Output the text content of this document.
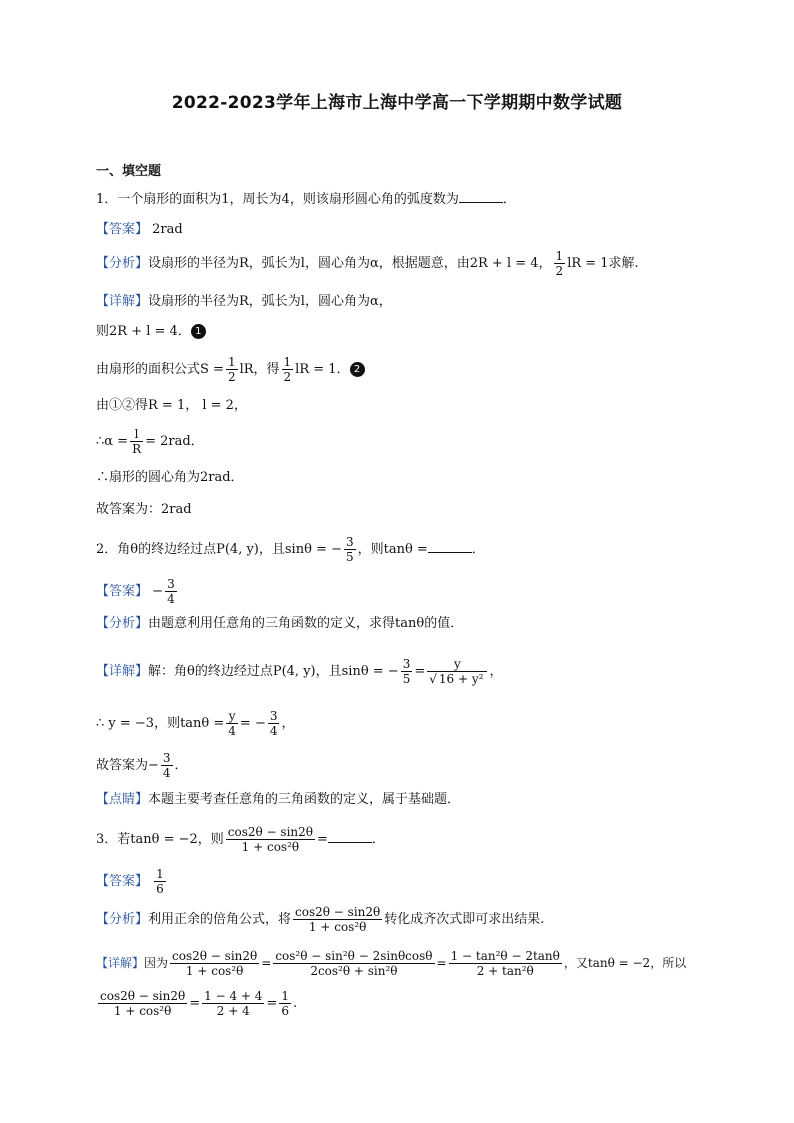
2022-2023学年上海市上海中学高一下学期期中数学试题
一、填空题
1．一个扇形的面积为1，周长为4，则该扇形圆心角的弧度数为	．
【答案】 2rad
【分析】设扇形的半径为R，弧长为l，圆心角为α，根据题意，由2R + l = 4， $\frac{1}{2}$ lR = 1求解.
【详解】设扇形的半径为R，弧长为l，圆心角为α，
则2R + l = 4． 1
由扇形的面积公式$S = \frac{1}{2}$ lR，得 $\frac{1}{2}$ lR = 1． 2
由①②得R = 1， l = 2，
∴α = $\frac{l}{R} = 2rad$．
∴扇形的圆心角为2rad．
故答案为：2rad
2．角θ的终边经过点P(4, y)，且sinθ = − $\frac{3}{5}$ ，则tanθ =	．
【答案】 − $\frac{3}{4}$
【分析】由题意利用任意角的三角函数的定义，求得tanθ的值．
【详解】解：角θ的终边经过点P(4, y)，且sinθ = − $\frac{3}{5} = \frac{y}{\text{√ 16 + y²}}$ ，
∴ y = −3，则$\tan\theta = \frac{y}{4}$ = − $\frac{3}{4}$ ，
故答案为− $\frac{3}{4}$ ．
【点睛】本题主要考查任意角的三角函数的定义，属于基础题．
3．若tanθ = −2，则 $\frac{\cos 2\theta - \sin 2\theta}{\text{1 + cos²θ}}$ =	．
【答案】 $\frac{1}{6}$
【分析】利用正余的倍角公式，将 $\frac{\cos 2\theta - \sin 2\theta}{\text{1 + cos²θ}}$ 转化成齐次式即可求出结果.
【详解】因为 $\frac{\cos 2\theta - \sin 2\theta}{\text{1 + cos²θ}} = \frac{\text{cos²θ − sin²θ − 2sinθcosθ}}{\text{2cos²θ + sin²θ}} = \frac{\text{1 − tan²θ − 2tanθ}}{\text{2 + tan²θ}}$ ，又tanθ = −2，所以
$\frac{\cos 2\theta - \sin 2\theta}{\text{1 + cos²θ}} = \frac{1 - 4 + 4}{2 + 4} = \frac{1}{6}$ .
